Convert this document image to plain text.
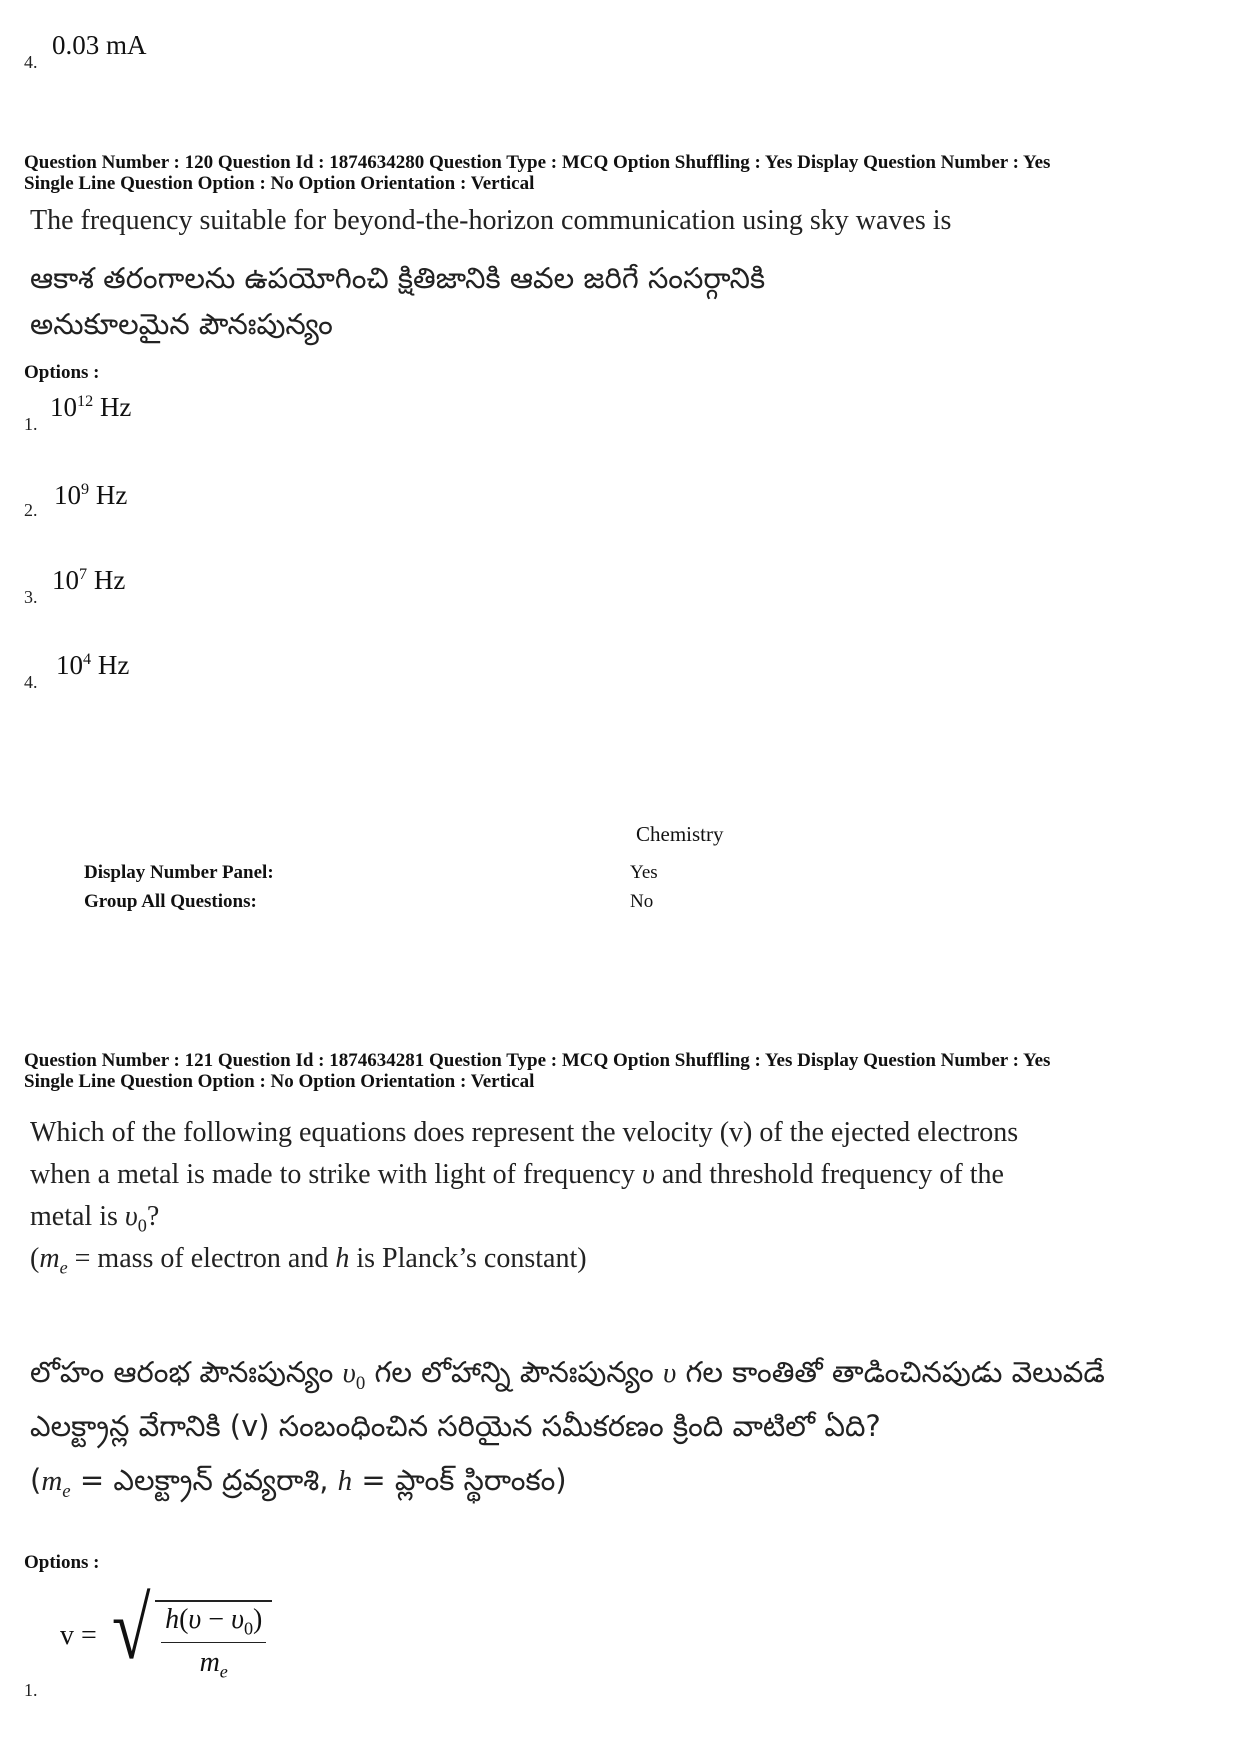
4.
0.03 mA
Question Number : 120 Question Id : 1874634280 Question Type : MCQ Option Shuffling : Yes Display Question Number : Yes
Single Line Question Option : No Option Orientation : Vertical
The frequency suitable for beyond-the-horizon communication using sky waves is
ఆకాశ తరంగాలను ఉపయోగించి క్షితిజానికి ఆవల జరిగే సంసర్గానికి
అనుకూలమైన పౌనఃపున్యం
Options :
1.
$10^{12}$ Hz
2. $10^9$ Hz
3.
$10^7$ Hz
4.
$10^4$ Hz
Chemistry
Display Number Panel:	Yes
Group All Questions:	No
Question Number : 121 Question Id : 1874634281 Question Type : MCQ Option Shuffling : Yes Display Question Number : Yes
Single Line Question Option : No Option Orientation : Vertical
Which of the following equations does represent the velocity (v) of the ejected electrons
when a metal is made to strike with light of frequency υ and threshold frequency of the
metal is $\upsilon_0$?
($m_e$ = mass of electron and h is Planck’s constant)
లోహం ఆరంభ పౌనఃపున్యం $\upsilon_0$ గల లోహాన్ని పౌనఃపున్యం υ గల కాంతితో తాడించినపుడు వెలువడే
ఎలక్ట్రాన్ల వేగానికి (v) సంబంధించిన సరియైన సమీకరణం క్రింది వాటిలో ఏది?
($m_e$ = ఎలక్ట్రాన్ ద్రవ్యరాశి, h = ప్లాంక్ స్థిరాంకం)
Options :
1.
v = √ $\frac{h(\upsilon - \upsilon_0)}{m_e}$
